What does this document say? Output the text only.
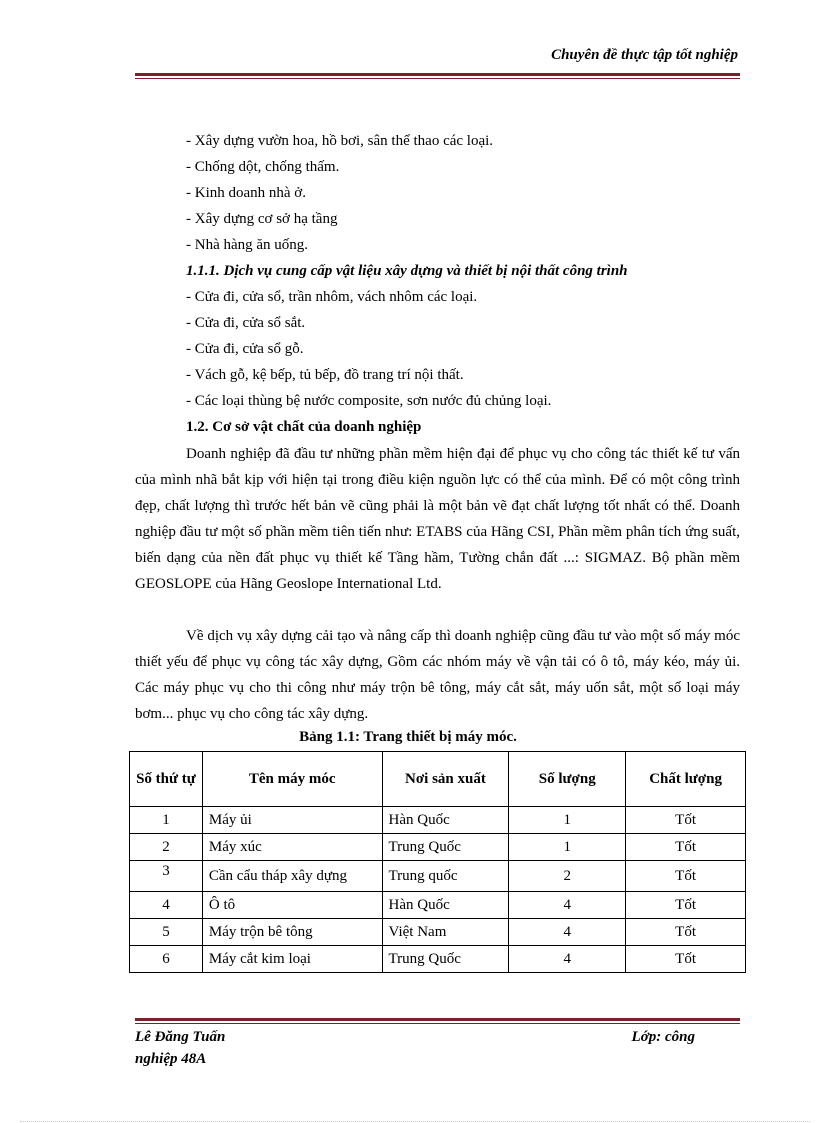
Chuyên đề thực tập tốt nghiệp
- Xây dựng vườn hoa, hồ bơi, sân thể thao các loại.
- Chống dột, chống thấm.
- Kinh doanh nhà ở.
- Xây dựng cơ sở hạ tầng
- Nhà hàng ăn uống.
1.1.1. Dịch vụ cung cấp vật liệu xây dựng và thiết bị nội thất công trình
- Cửa đi, cửa sổ, trần nhôm, vách nhôm các loại.
- Cửa đi, cửa sổ sắt.
- Cửa đi, cửa sổ gỗ.
- Vách gỗ, kệ bếp, tủ bếp, đồ trang trí nội thất.
- Các loại thùng bệ nước composite, sơn nước đủ chủng loại.
1.2. Cơ sở vật chất của doanh nghiệp
Doanh nghiệp đã đầu tư những phần mềm hiện đại để phục vụ cho công tác thiết kế tư vấn của mình nhã bắt kịp với hiện tại trong điều kiện nguồn lực có thể của mình. Để có một công trình đẹp, chất lượng thì trước hết bản vẽ cũng phải là một bản vẽ đạt chất lượng tốt nhất có thể. Doanh nghiệp đầu tư một số phần mềm tiên tiến như: ETABS của Hãng CSI, Phần mềm phân tích ứng suất, biến dạng của nền đất phục vụ thiết kế Tầng hầm, Tường chắn đất ...: SIGMAZ. Bộ phần mềm GEOSLOPE của Hãng Geoslope International Ltd.
Về dịch vụ xây dựng cải tạo và nâng cấp thì doanh nghiệp cũng đầu tư vào một số máy móc thiết yếu để phục vụ công tác xây dựng, Gồm các nhóm máy về vận tải có ô tô, máy kéo, máy ủi. Các máy phục vụ cho thi công như máy trộn bê tông, máy cắt sắt, máy uốn sắt, một số loại máy bơm... phục vụ cho công tác xây dựng.
Bảng 1.1: Trang thiết bị máy móc.
Số thứ tự	Tên máy móc	Nơi sản xuất	Số lượng	Chất lượng
1	Máy ủi	Hàn Quốc	1	Tốt
2	Máy xúc	Trung Quốc	1	Tốt
3	Cần cẩu tháp xây dựng	Trung quốc	2	Tốt
4	Ô tô	Hàn Quốc	4	Tốt
5	Máy trộn bê tông	Việt Nam	4	Tốt
6	Máy cắt kim loại	Trung Quốc	4	Tốt
Lê Đăng Tuấn	Lớp: công
nghiệp 48A
